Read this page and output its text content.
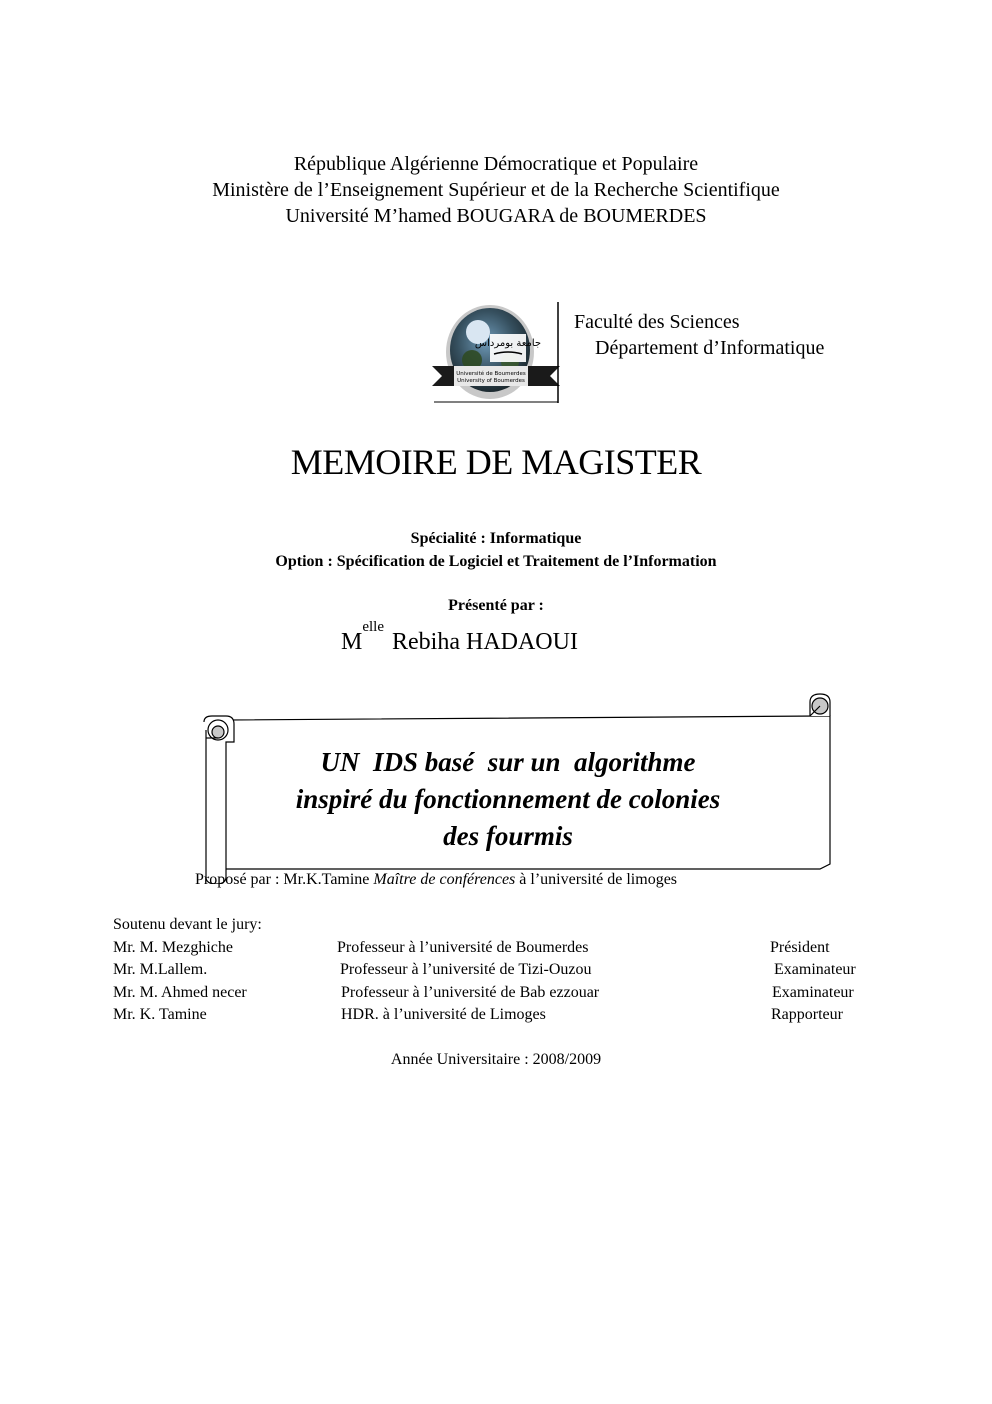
République Algérienne Démocratique et Populaire
Ministère de l’Enseignement Supérieur et de la Recherche Scientifique
Université M’hamed BOUGARA de BOUMERDES
جامعة بومرداس
Université de Boumerdes
University of Boumerdes
Faculté des Sciences
Département d’Informatique
MEMOIRE DE MAGISTER
Spécialité : Informatique
Option : Spécification de Logiciel et Traitement de l’Information
Présenté par :
$M^{elle}$ Rebiha HADAOUI
UN  IDS basé  sur un  algorithme
inspiré du fonctionnement de colonies
des fourmis
Proposé par : Mr.K.Tamine Maître de conférences à l’université de limoges
Soutenu devant le jury:
Mr. M. Mezghiche	Professeur à l’université de Boumerdes	Président
Mr. M.Lallem.	Professeur à l’université de Tizi-Ouzou	Examinateur
Mr. M. Ahmed necer	Professeur à l’université de Bab ezzouar	Examinateur
Mr. K. Tamine	HDR. à l’université de Limoges	Rapporteur
Année Universitaire : 2008/2009
